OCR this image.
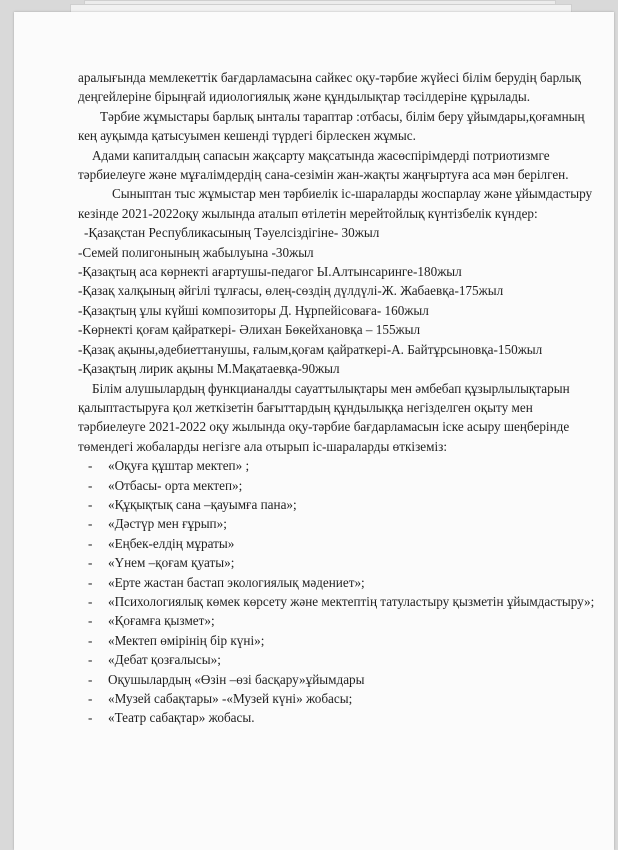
аралығында мемлекеттік бағдарламасына сайкес оқу-тәрбие жүйесі білім берудің барлық деңгейлеріне бірыңғай идиологиялық және құндылықтар тәсілдеріне құрылады.

Тәрбие жұмыстары барлық ынталы тараптар :отбасы, білім беру ұйымдары,қоғамның кең ауқымда қатысуымен кешенді түрдегі бірлескен жұмыс.

Адами капиталдың сапасын жақсарту мақсатында жасөспірімдерді потриотизмге тәрбиелеуге және мұғалімдердің сана-сезімін жан-жақты жаңғыртуға аса мән берілген.

Сыныптан тыс жұмыстар мен тәрбиелік іс-шараларды жоспарлау және ұйымдастыру кезінде 2021-2022оқу жылында аталып өтілетін мерейтойлық күнтізбелік күндер:

-Қазақстан Республикасының Тәуелсіздігіне- 30жыл

-Семей полигонының жабылуына -30жыл

-Қазақтың аса көрнекті ағартушы-педагог Ы.Алтынсаринге-180жыл

-Қазақ халқының әйгілі тұлғасы, өлең-сөздің дүлдүлі-Ж. Жабаевқа-175жыл

-Қазақтың ұлы күйші композиторы Д. Нұрпейісоваға- 160жыл

-Көрнекті қоғам қайраткері- Әлихан Бөкейхановқа – 155жыл

-Қазақ ақыны,әдебиеттанушы, ғалым,қоғам қайраткері-А. Байтұрсыновқа-150жыл

-Қазақтың лирик ақыны М.Мақатаевқа-90жыл

Білім алушылардың функцианалды сауаттылықтары мен әмбебап құзырлылықтарын қалыптастыруға қол жеткізетін бағыттардың құндылыққа негізделген оқыту мен тәрбиелеуге 2021-2022 оқу жылында оқу-тәрбие бағдарламасын іске асыру шеңберінде төмендегі жобаларды негізге ала отырып іс-шараларды өткіземіз:

- «Оқуға құштар мектеп» ;
- «Отбасы- орта мектеп»;
- «Құқықтық сана –қауымға пана»;
- «Дәстүр мен ғұрып»;
- «Еңбек-елдің мұраты»
- «Үнем –қоғам қуаты»;
- «Ерте жастан бастап экологиялық мәдениет»;
- «Психологиялық көмек көрсету және мектептің татуластыру қызметін ұйымдастыру»;
- «Қоғамға қызмет»;
- «Мектеп өмірінің бір күні»;
- «Дебат қозғалысы»;
- Оқушылардың «Өзін –өзі басқару»ұйымдары
- «Музей сабақтары» -«Музей күні» жобасы;
- «Театр сабақтар» жобасы.
